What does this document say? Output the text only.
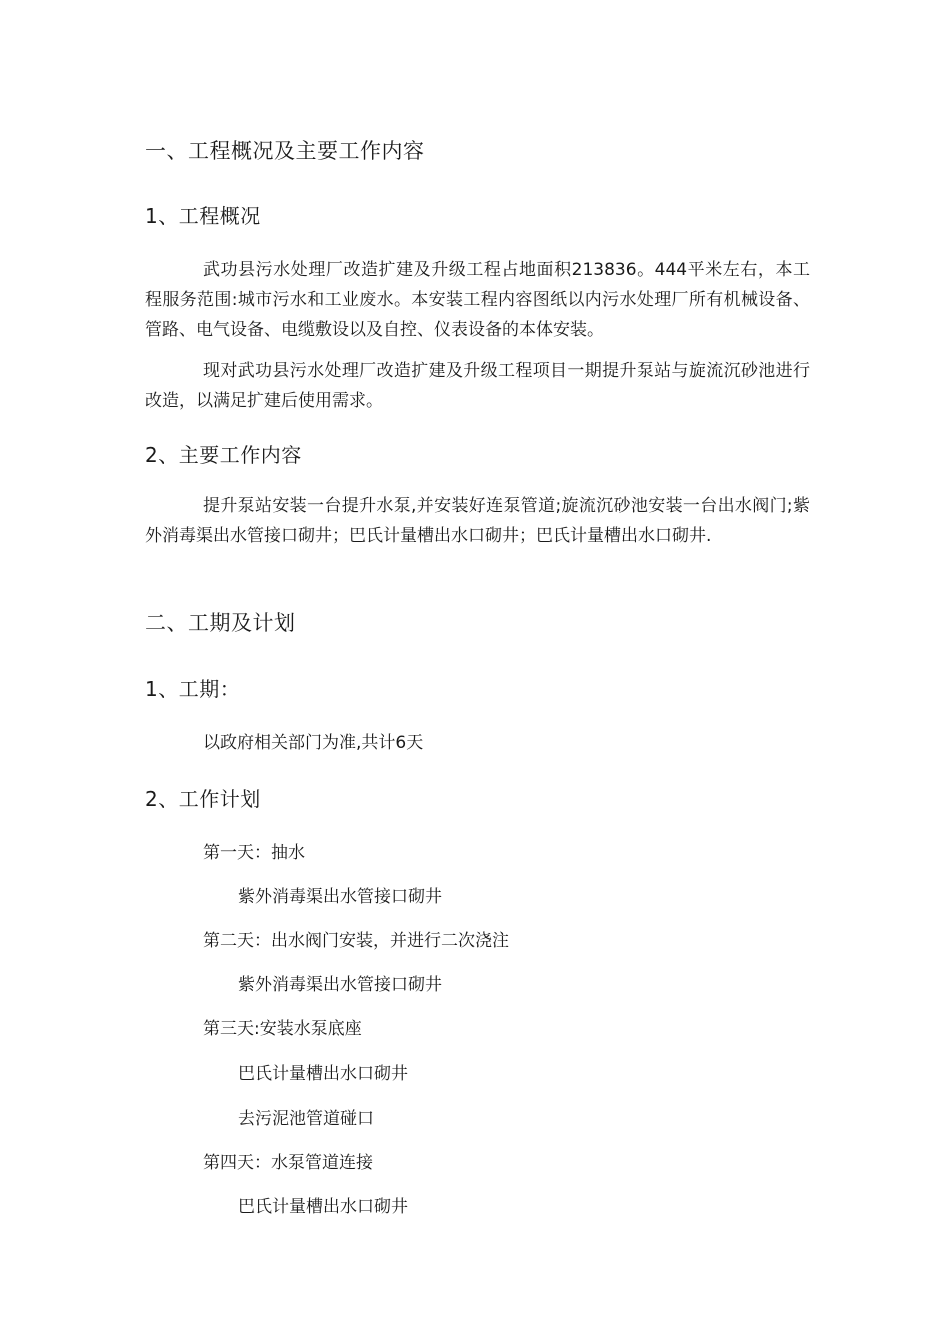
一、工程概况及主要工作内容
1、工程概况

武功县污水处理厂改造扩建及升级工程占地面积213836。444平米左右，本工程服务范围:城市污水和工业废水。本安装工程内容图纸以内污水处理厂所有机械设备、管路、电气设备、电缆敷设以及自控、仪表设备的本体安装。

现对武功县污水处理厂改造扩建及升级工程项目一期提升泵站与旋流沉砂池进行改造，以满足扩建后使用需求。

2、主要工作内容

提升泵站安装一台提升水泵,并安装好连泵管道;旋流沉砂池安装一台出水阀门;紫外消毒渠出水管接口砌井；巴氏计量槽出水口砌井；巴氏计量槽出水口砌井.

二、工期及计划
1、工期：
以政府相关部门为准,共计6天
2、工作计划
第一天：抽水
紫外消毒渠出水管接口砌井
第二天：出水阀门安装，并进行二次浇注
紫外消毒渠出水管接口砌井
第三天:安装水泵底座
巴氏计量槽出水口砌井
去污泥池管道碰口
第四天：水泵管道连接
巴氏计量槽出水口砌井
